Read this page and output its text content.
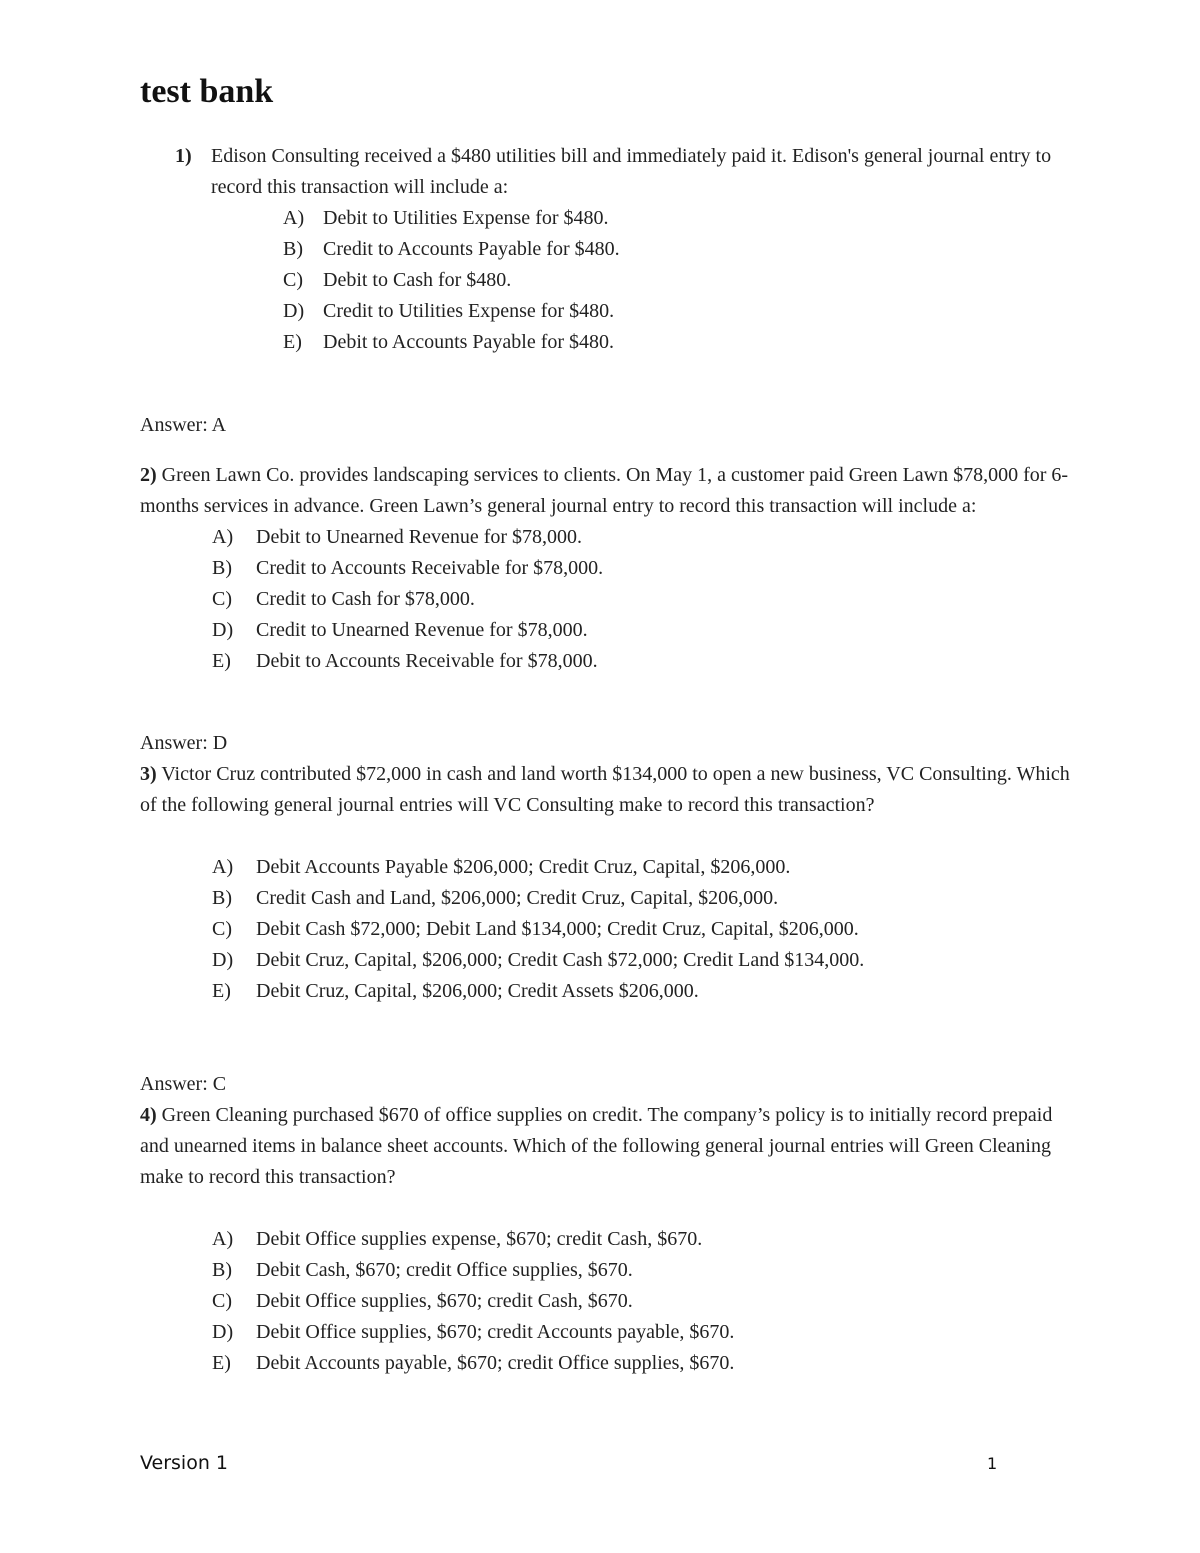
test bank
1) Edison Consulting received a $480 utilities bill and immediately paid it. Edison's general journal entry to record this transaction will include a:
A) Debit to Utilities Expense for $480.
B)	Credit to Accounts Payable for $480.
C)	Debit to Cash for $480.
D) Credit to Utilities Expense for $480.
E)	Debit to Accounts Payable for $480.
Answer: A
2) Green Lawn Co. provides landscaping services to clients. On May 1, a customer paid Green Lawn $78,000 for 6-months services in advance. Green Lawn’s general journal entry to record this transaction will include a:
A)	Debit to Unearned Revenue for $78,000.
B)	Credit to Accounts Receivable for $78,000.
C)	Credit to Cash for $78,000.
D)	Credit to Unearned Revenue for $78,000.
E)	Debit to Accounts Receivable for $78,000.
Answer: D
3) Victor Cruz contributed $72,000 in cash and land worth $134,000 to open a new business, VC Consulting. Which of the following general journal entries will VC Consulting make to record this transaction?
A)	Debit Accounts Payable $206,000; Credit Cruz, Capital, $206,000.
B)	Credit Cash and Land, $206,000; Credit Cruz, Capital, $206,000.
C)	Debit Cash $72,000; Debit Land $134,000; Credit Cruz, Capital, $206,000.
D)	Debit Cruz, Capital, $206,000; Credit Cash $72,000; Credit Land $134,000.
E)	Debit Cruz, Capital, $206,000; Credit Assets $206,000.
Answer: C
4) Green Cleaning purchased $670 of office supplies on credit. The company’s policy is to initially record prepaid and unearned items in balance sheet accounts. Which of the following general journal entries will Green Cleaning make to record this transaction?
A)	Debit Office supplies expense, $670; credit Cash, $670.
B)	Debit Cash, $670; credit Office supplies, $670.
C)	Debit Office supplies, $670; credit Cash, $670.
D)	Debit Office supplies, $670; credit Accounts payable, $670.
E)	Debit Accounts payable, $670; credit Office supplies, $670.
Version 1	1
